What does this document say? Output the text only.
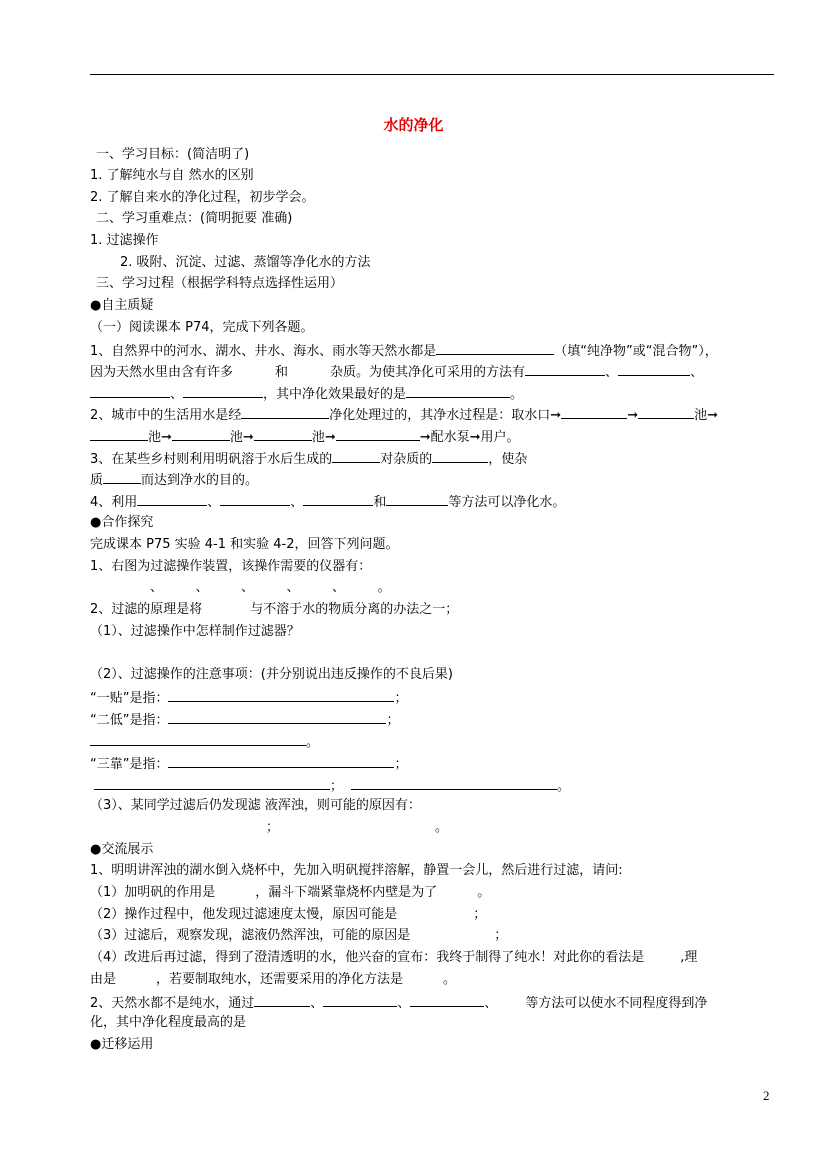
水的净化
一、学习目标：(简洁明了)
1. 了解纯水与自 然水的区别
2. 了解自来水的净化过程，初步学会。
二、学习重难点：(简明扼要 准确)
1. 过滤操作
2. 吸附、沉淀、过滤、蒸馏等净化水的方法
三、学习过程（根据学科特点选择性运用）
●自主质疑
（一）阅读课本 P74，完成下列各题。
1、自然界中的河水、湖水、井水、海水、雨水等天然水都是	（填“纯净物”或“混合物”），
因为天然水里由含有许多	和	杂质。为使其净化可采用的方法有	、	、
、	，其中净化效果最好的是	。
2、城市中的生活用水是经	净化处理过的，其净水过程是：取水口➞	➞	池➞
池➞	池➞	池➞	➞配水泵➞用户。
3、在某些乡村则利用明矾溶于水后生成的	对杂质的	，使杂
质	而达到净水的目的。
4、利用	、	、	和	等方法可以净化水。
●合作探究
完成课本 P75 实验 4-1 和实验 4-2，回答下列问题。
1、右图为过滤操作装置，该操作需要的仪器有：
、　　　、　　　、　　　、　　　、　　　。
2、过滤的原理是将	与不溶于水的物质分离的办法之一；
（1）、过滤操作中怎样制作过滤器？
（2）、过滤操作的注意事项：(并分别说出违反操作的不良后果)
“一贴”是指：	；
“二低”是指：	；
。
“三靠”是指：	；
；	。
（3）、某同学过滤后仍发现滤 液浑浊，则可能的原因有：
；	。
●交流展示
1、明明讲浑浊的湖水倒入烧杯中，先加入明矾搅拌溶解，静置一会儿，然后进行过滤，请问:
（1）加明矾的作用是	，漏斗下端紧靠烧杯内壁是为了	。
（2）操作过程中，他发现过滤速度太慢，原因可能是	；
（3）过滤后，观察发现，滤液仍然浑浊，可能的原因是	；
（4）改进后再过滤，得到了澄清透明的水，他兴奋的宣布：我终于制得了纯水！对此你的看法是	,理
由是	，若要制取纯水，还需要采用的净化方法是	。
2、天然水都不是纯水，通过	、	、	、 等方法可以使水不同程度得到净
化，其中净化程度最高的是
●迁移运用
2
